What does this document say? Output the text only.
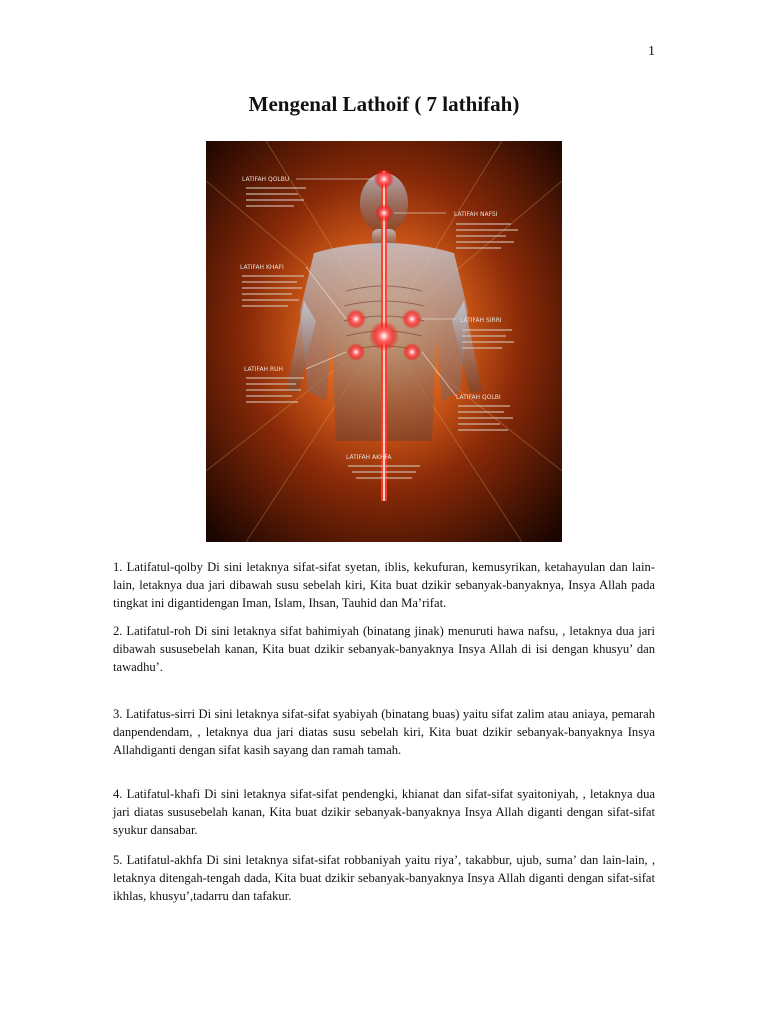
1
Mengenal Lathoif ( 7 lathifah)
LATIFAH QOLBU
LATIFAH NAFSI
LATIFAH KHAFI
LATIFAH SIRRI
LATIFAH RUH
LATIFAH QOLBI
LATIFAH AKHFA

1. Latifatul-qolby Di sini letaknya sifat-sifat syetan, iblis, kekufuran, kemusyrikan, ketahayulan dan lain-lain, letaknya dua jari dibawah susu sebelah kiri, Kita buat dzikir sebanyak-banyaknya, Insya Allah pada tingkat ini digantidengan Iman, Islam, Ihsan, Tauhid dan Ma’rifat.

2. Latifatul-roh Di sini letaknya sifat bahimiyah (binatang jinak) menuruti hawa nafsu, , letaknya dua jari dibawah sususebelah kanan, Kita buat dzikir sebanyak-banyaknya Insya Allah di isi dengan khusyu’ dan tawadhu’.

3. Latifatus-sirri Di sini letaknya sifat-sifat syabiyah (binatang buas) yaitu sifat zalim atau aniaya, pemarah danpendendam, , letaknya dua jari diatas susu sebelah kiri, Kita buat dzikir sebanyak-banyaknya Insya Allahdiganti dengan sifat kasih sayang dan ramah tamah.

4. Latifatul-khafi Di sini letaknya sifat-sifat pendengki, khianat dan sifat-sifat syaitoniyah, , letaknya dua jari diatas sususebelah kanan, Kita buat dzikir sebanyak-banyaknya Insya Allah diganti dengan sifat-sifat syukur dansabar.

5. Latifatul-akhfa Di sini letaknya sifat-sifat robbaniyah yaitu riya’, takabbur, ujub, suma’ dan lain-lain, , letaknya ditengah-tengah dada, Kita buat dzikir sebanyak-banyaknya Insya Allah diganti dengan sifat-sifat ikhlas, khusyu’,tadarru dan tafakur.
